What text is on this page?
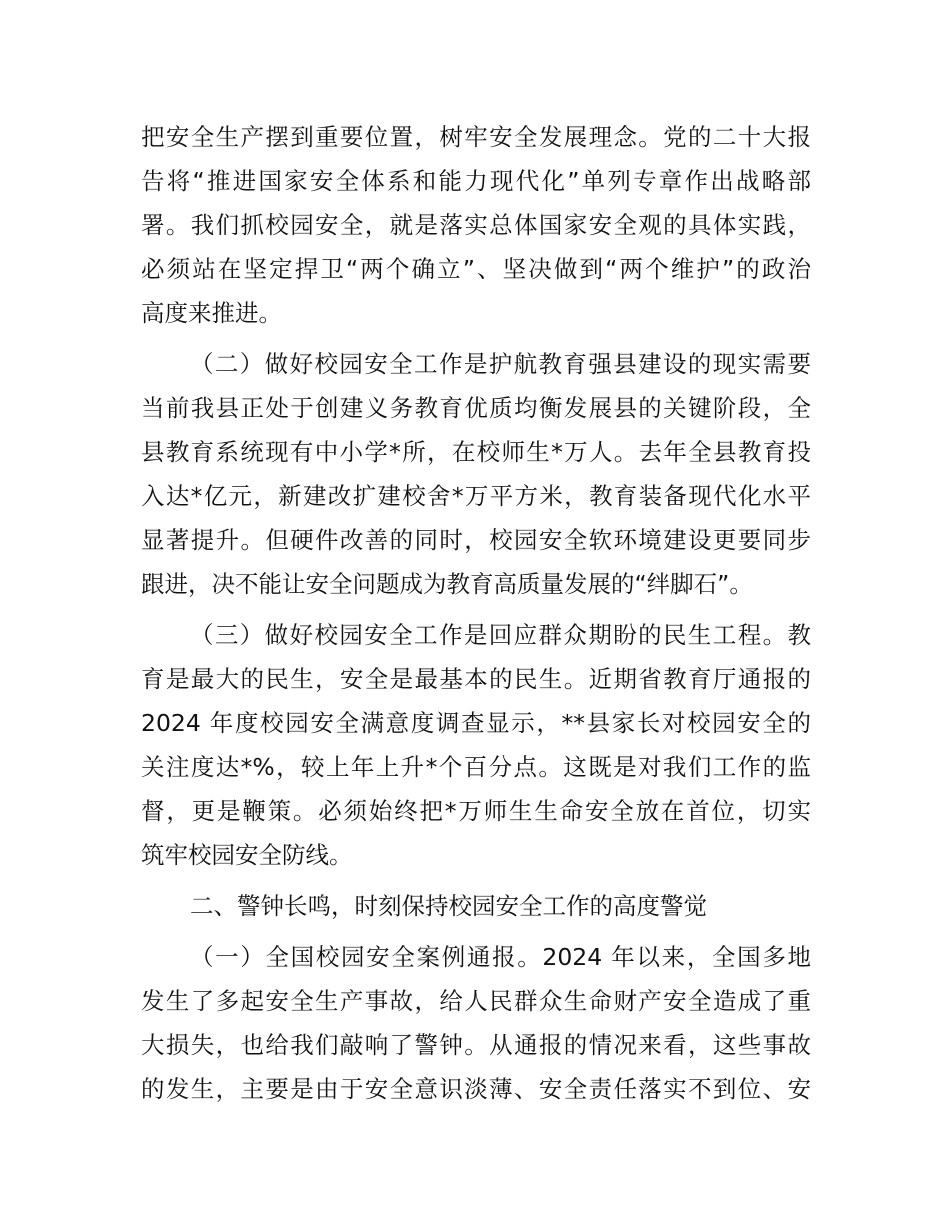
把安全生产摆到重要位置，树牢安全发展理念。党的二十大报
告将“推进国家安全体系和能力现代化”单列专章作出战略部
署。我们抓校园安全，就是落实总体国家安全观的具体实践，
必须站在坚定捍卫“两个确立”、坚决做到“两个维护”的政治
高度来推进。
（二）做好校园安全工作是护航教育强县建设的现实需要
当前我县正处于创建义务教育优质均衡发展县的关键阶段，全
县教育系统现有中小学*所，在校师生*万人。去年全县教育投
入达*亿元，新建改扩建校舍*万平方米，教育装备现代化水平
显著提升。但硬件改善的同时，校园安全软环境建设更要同步
跟进，决不能让安全问题成为教育高质量发展的“绊脚石”。
（三）做好校园安全工作是回应群众期盼的民生工程。教
育是最大的民生，安全是最基本的民生。近期省教育厅通报的
2024 年度校园安全满意度调查显示，**县家长对校园安全的
关注度达*%，较上年上升*个百分点。这既是对我们工作的监
督，更是鞭策。必须始终把*万师生生命安全放在首位，切实
筑牢校园安全防线。
二、警钟长鸣，时刻保持校园安全工作的高度警觉
（一）全国校园安全案例通报。2024 年以来，全国多地
发生了多起安全生产事故，给人民群众生命财产安全造成了重
大损失，也给我们敲响了警钟。从通报的情况来看，这些事故
的发生，主要是由于安全意识淡薄、安全责任落实不到位、安
